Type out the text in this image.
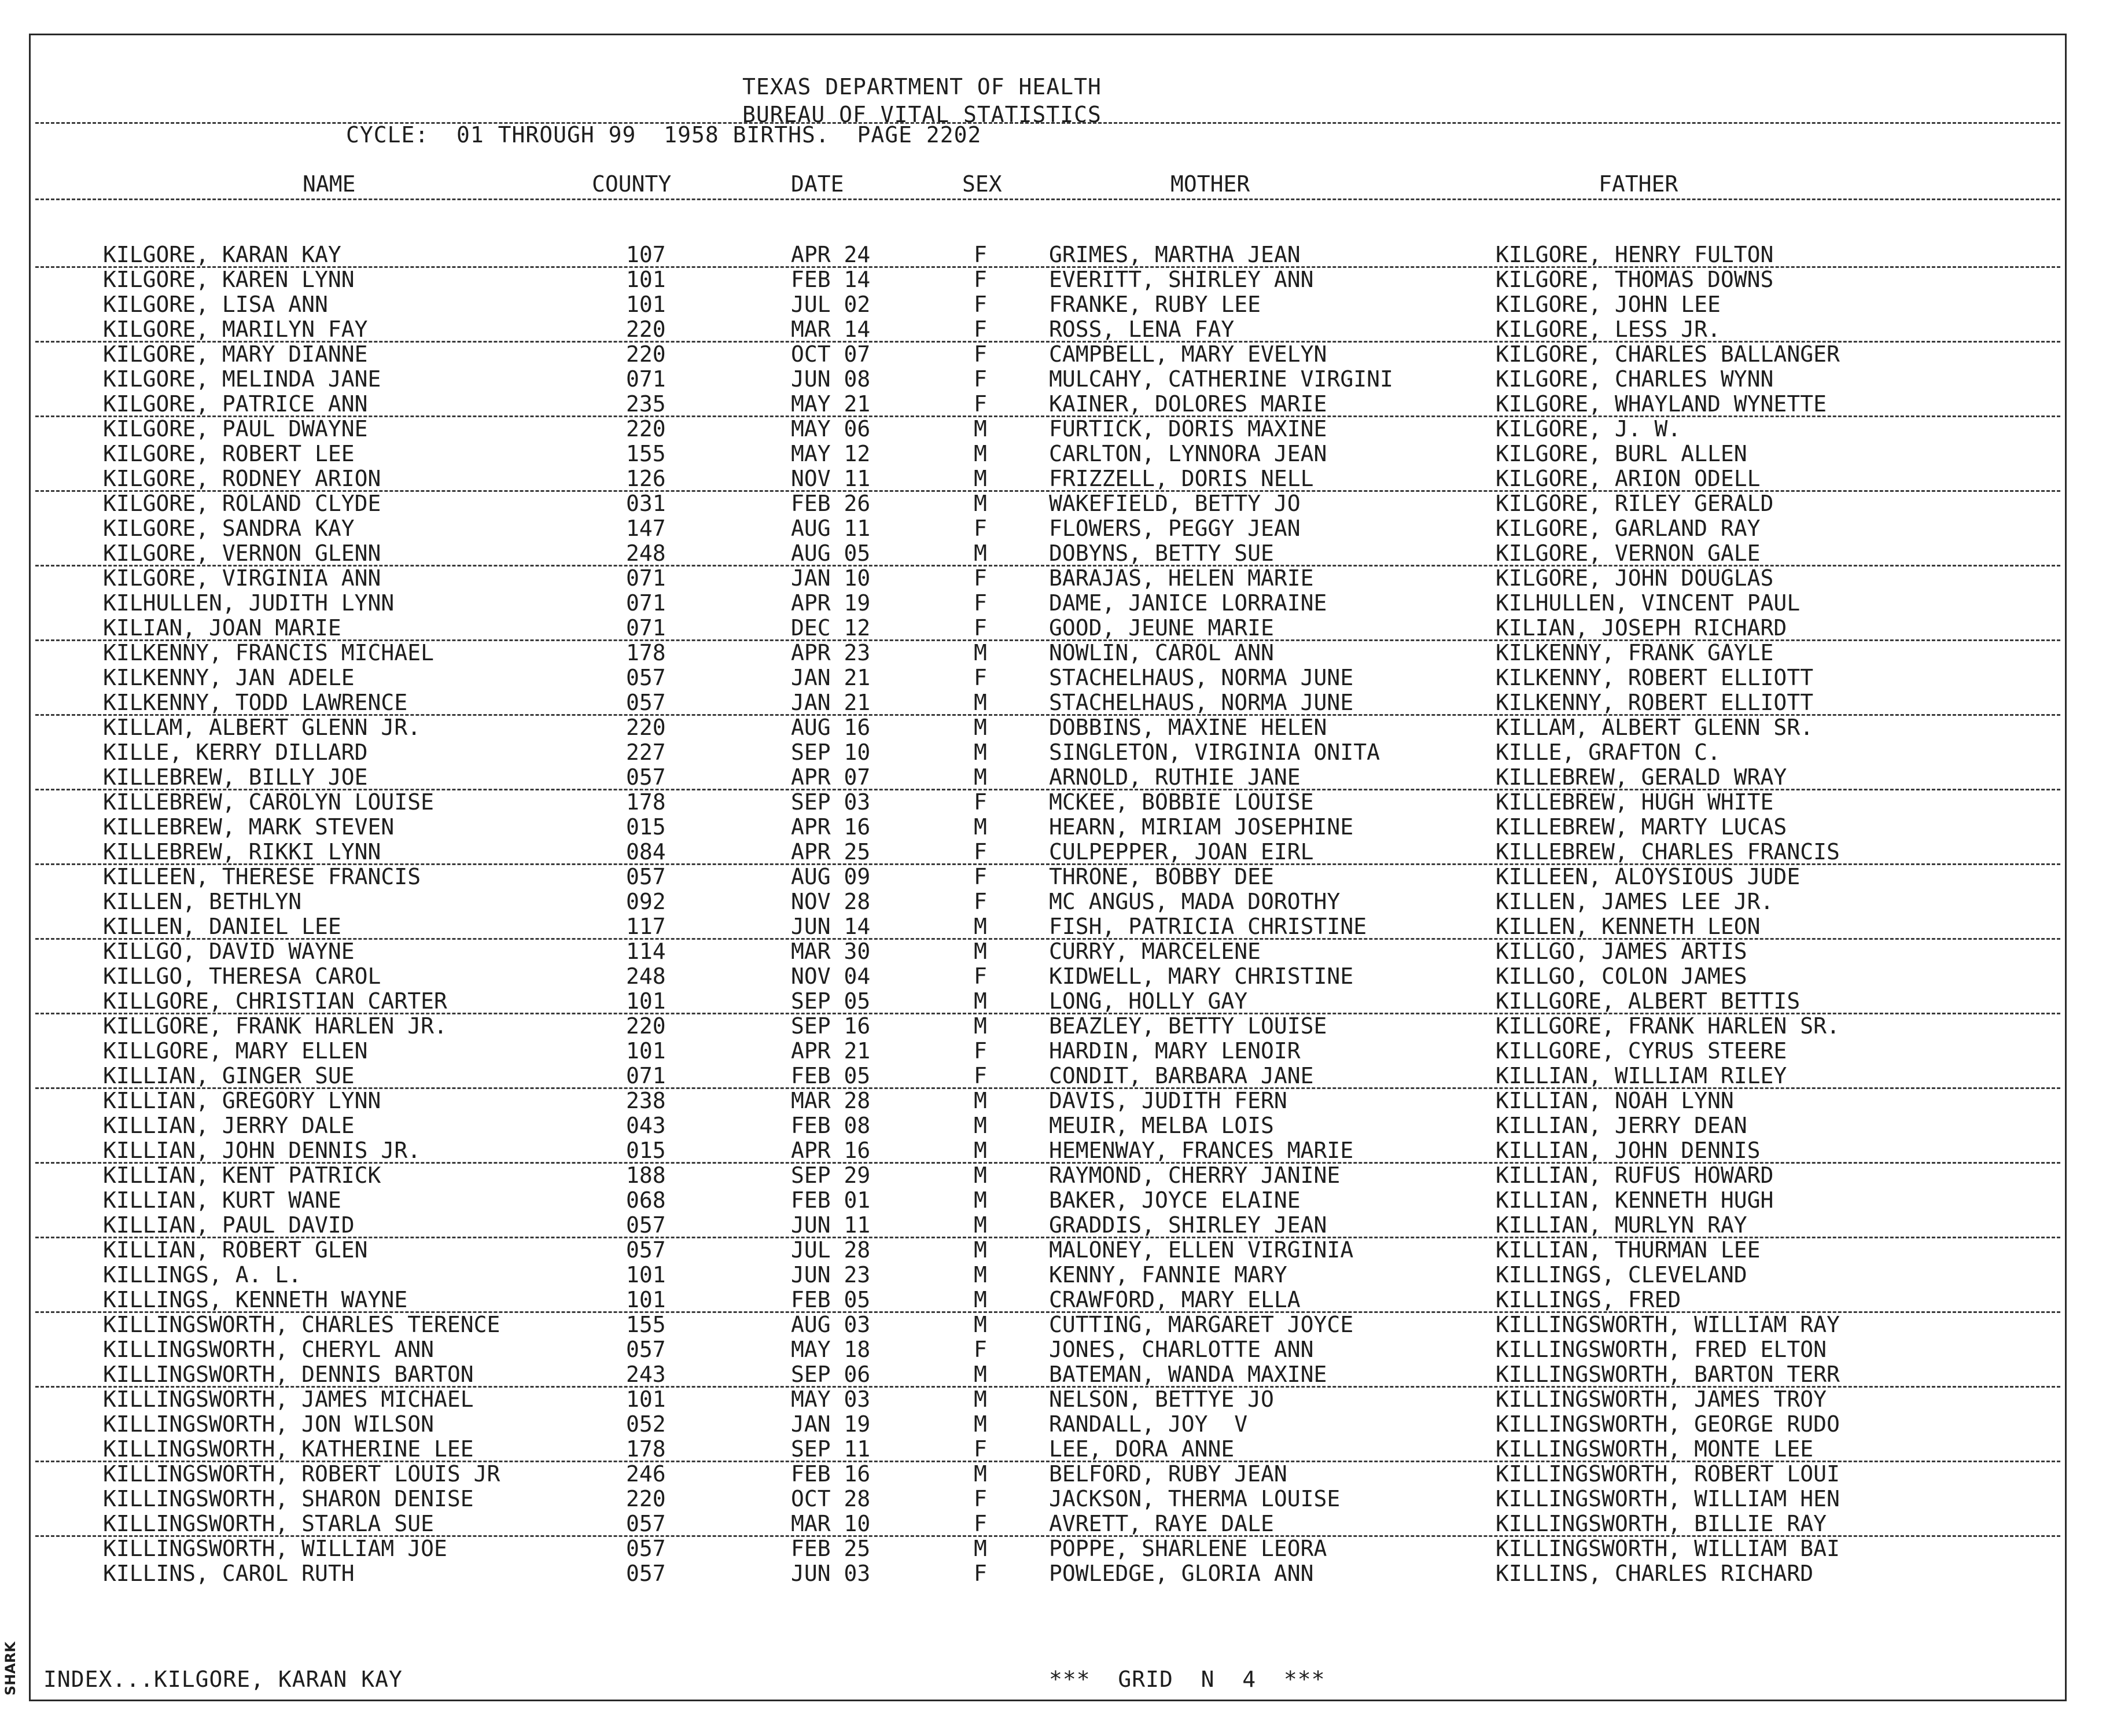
TEXAS DEPARTMENT OF HEALTH
BUREAU OF VITAL STATISTICS
CYCLE:  01 THROUGH 99  1958 BIRTHS.  PAGE 2202
NAME	COUNTY	DATE	SEX	MOTHER	FATHER
KILGORE, KARAN KAY	107	APR 24	F	GRIMES, MARTHA JEAN	KILGORE, HENRY FULTON
KILGORE, KAREN LYNN	101	FEB 14	F	EVERITT, SHIRLEY ANN	KILGORE, THOMAS DOWNS
KILGORE, LISA ANN	101	JUL 02	F	FRANKE, RUBY LEE	KILGORE, JOHN LEE
KILGORE, MARILYN FAY	220	MAR 14	F	ROSS, LENA FAY	KILGORE, LESS JR.
KILGORE, MARY DIANNE	220	OCT 07	F	CAMPBELL, MARY EVELYN	KILGORE, CHARLES BALLANGER
KILGORE, MELINDA JANE	071	JUN 08	F	MULCAHY, CATHERINE VIRGINI	KILGORE, CHARLES WYNN
KILGORE, PATRICE ANN	235	MAY 21	F	KAINER, DOLORES MARIE	KILGORE, WHAYLAND WYNETTE
KILGORE, PAUL DWAYNE	220	MAY 06	M	FURTICK, DORIS MAXINE	KILGORE, J. W.
KILGORE, ROBERT LEE	155	MAY 12	M	CARLTON, LYNNORA JEAN	KILGORE, BURL ALLEN
KILGORE, RODNEY ARION	126	NOV 11	M	FRIZZELL, DORIS NELL	KILGORE, ARION ODELL
KILGORE, ROLAND CLYDE	031	FEB 26	M	WAKEFIELD, BETTY JO	KILGORE, RILEY GERALD
KILGORE, SANDRA KAY	147	AUG 11	F	FLOWERS, PEGGY JEAN	KILGORE, GARLAND RAY
KILGORE, VERNON GLENN	248	AUG 05	M	DOBYNS, BETTY SUE	KILGORE, VERNON GALE
KILGORE, VIRGINIA ANN	071	JAN 10	F	BARAJAS, HELEN MARIE	KILGORE, JOHN DOUGLAS
KILHULLEN, JUDITH LYNN	071	APR 19	F	DAME, JANICE LORRAINE	KILHULLEN, VINCENT PAUL
KILIAN, JOAN MARIE	071	DEC 12	F	GOOD, JEUNE MARIE	KILIAN, JOSEPH RICHARD
KILKENNY, FRANCIS MICHAEL	178	APR 23	M	NOWLIN, CAROL ANN	KILKENNY, FRANK GAYLE
KILKENNY, JAN ADELE	057	JAN 21	F	STACHELHAUS, NORMA JUNE	KILKENNY, ROBERT ELLIOTT
KILKENNY, TODD LAWRENCE	057	JAN 21	M	STACHELHAUS, NORMA JUNE	KILKENNY, ROBERT ELLIOTT
KILLAM, ALBERT GLENN JR.	220	AUG 16	M	DOBBINS, MAXINE HELEN	KILLAM, ALBERT GLENN SR.
KILLE, KERRY DILLARD	227	SEP 10	M	SINGLETON, VIRGINIA ONITA	KILLE, GRAFTON C.
KILLEBREW, BILLY JOE	057	APR 07	M	ARNOLD, RUTHIE JANE	KILLEBREW, GERALD WRAY
KILLEBREW, CAROLYN LOUISE	178	SEP 03	F	MCKEE, BOBBIE LOUISE	KILLEBREW, HUGH WHITE
KILLEBREW, MARK STEVEN	015	APR 16	M	HEARN, MIRIAM JOSEPHINE	KILLEBREW, MARTY LUCAS
KILLEBREW, RIKKI LYNN	084	APR 25	F	CULPEPPER, JOAN EIRL	KILLEBREW, CHARLES FRANCIS
KILLEEN, THERESE FRANCIS	057	AUG 09	F	THRONE, BOBBY DEE	KILLEEN, ALOYSIOUS JUDE
KILLEN, BETHLYN	092	NOV 28	F	MC ANGUS, MADA DOROTHY	KILLEN, JAMES LEE JR.
KILLEN, DANIEL LEE	117	JUN 14	M	FISH, PATRICIA CHRISTINE	KILLEN, KENNETH LEON
KILLGO, DAVID WAYNE	114	MAR 30	M	CURRY, MARCELENE	KILLGO, JAMES ARTIS
KILLGO, THERESA CAROL	248	NOV 04	F	KIDWELL, MARY CHRISTINE	KILLGO, COLON JAMES
KILLGORE, CHRISTIAN CARTER	101	SEP 05	M	LONG, HOLLY GAY	KILLGORE, ALBERT BETTIS
KILLGORE, FRANK HARLEN JR.	220	SEP 16	M	BEAZLEY, BETTY LOUISE	KILLGORE, FRANK HARLEN SR.
KILLGORE, MARY ELLEN	101	APR 21	F	HARDIN, MARY LENOIR	KILLGORE, CYRUS STEERE
KILLIAN, GINGER SUE	071	FEB 05	F	CONDIT, BARBARA JANE	KILLIAN, WILLIAM RILEY
KILLIAN, GREGORY LYNN	238	MAR 28	M	DAVIS, JUDITH FERN	KILLIAN, NOAH LYNN
KILLIAN, JERRY DALE	043	FEB 08	M	MEUIR, MELBA LOIS	KILLIAN, JERRY DEAN
KILLIAN, JOHN DENNIS JR.	015	APR 16	M	HEMENWAY, FRANCES MARIE	KILLIAN, JOHN DENNIS
KILLIAN, KENT PATRICK	188	SEP 29	M	RAYMOND, CHERRY JANINE	KILLIAN, RUFUS HOWARD
KILLIAN, KURT WANE	068	FEB 01	M	BAKER, JOYCE ELAINE	KILLIAN, KENNETH HUGH
KILLIAN, PAUL DAVID	057	JUN 11	M	GRADDIS, SHIRLEY JEAN	KILLIAN, MURLYN RAY
KILLIAN, ROBERT GLEN	057	JUL 28	M	MALONEY, ELLEN VIRGINIA	KILLIAN, THURMAN LEE
KILLINGS, A. L.	101	JUN 23	M	KENNY, FANNIE MARY	KILLINGS, CLEVELAND
KILLINGS, KENNETH WAYNE	101	FEB 05	M	CRAWFORD, MARY ELLA	KILLINGS, FRED
KILLINGSWORTH, CHARLES TERENCE	155	AUG 03	M	CUTTING, MARGARET JOYCE	KILLINGSWORTH, WILLIAM RAY
KILLINGSWORTH, CHERYL ANN	057	MAY 18	F	JONES, CHARLOTTE ANN	KILLINGSWORTH, FRED ELTON
KILLINGSWORTH, DENNIS BARTON	243	SEP 06	M	BATEMAN, WANDA MAXINE	KILLINGSWORTH, BARTON TERR
KILLINGSWORTH, JAMES MICHAEL	101	MAY 03	M	NELSON, BETTYE JO	KILLINGSWORTH, JAMES TROY
KILLINGSWORTH, JON WILSON	052	JAN 19	M	RANDALL, JOY  V	KILLINGSWORTH, GEORGE RUDO
KILLINGSWORTH, KATHERINE LEE	178	SEP 11	F	LEE, DORA ANNE	KILLINGSWORTH, MONTE LEE
KILLINGSWORTH, ROBERT LOUIS JR	246	FEB 16	M	BELFORD, RUBY JEAN	KILLINGSWORTH, ROBERT LOUI
KILLINGSWORTH, SHARON DENISE	220	OCT 28	F	JACKSON, THERMA LOUISE	KILLINGSWORTH, WILLIAM HEN
KILLINGSWORTH, STARLA SUE	057	MAR 10	F	AVRETT, RAYE DALE	KILLINGSWORTH, BILLIE RAY
KILLINGSWORTH, WILLIAM JOE	057	FEB 25	M	POPPE, SHARLENE LEORA	KILLINGSWORTH, WILLIAM BAI
KILLINS, CAROL RUTH	057	JUN 03	F	POWLEDGE, GLORIA ANN	KILLINS, CHARLES RICHARD
INDEX...KILGORE, KARAN KAY	***  GRID  N  4  ***
SHARK
